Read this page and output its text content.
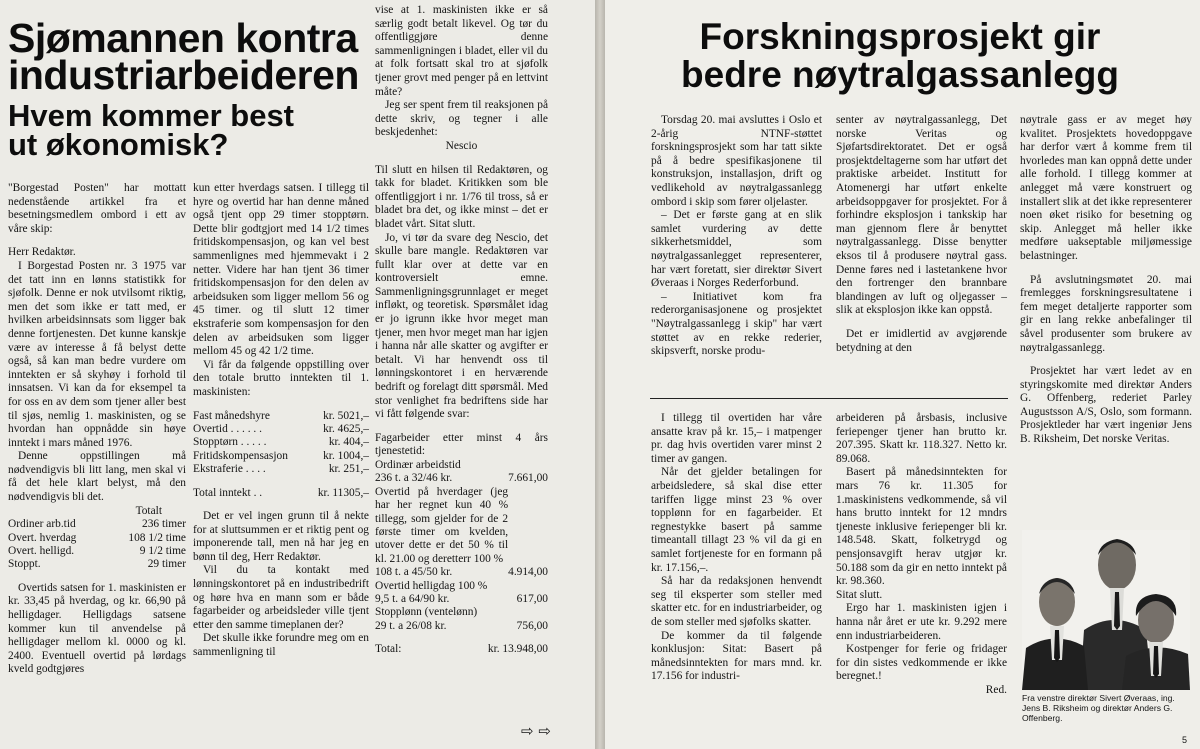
Sjømannen kontra
industriarbeideren
Hvem kommer best
ut økonomisk?

"Borgestad Posten" har mottatt nedenstående artikkel fra et besetningsmedlem ombord i ett av våre skip:

Herr Redaktør.

I Borgestad Posten nr. 3 1975 var det tatt inn en lønns statistikk for sjøfolk. Denne er nok utvilsomt riktig, men det som ikke er tatt med, er hvilken arbeidsinnsats som ligger bak denne fortjenesten. Det kunne kanskje være av interesse å få belyst dette også, så kan man bedre vurdere om inntekten er så skyhøy i forhold til innsatsen. Vi kan da for eksempel ta for oss en av dem som tjener aller best til sjøs, nemlig 1. maskinisten, og se hvordan han oppnådde sin høye inntekt i mars måned 1976.

Denne oppstillingen må nødvendigvis bli litt lang, men skal vi få det hele klart belyst, må den nødvendigvis bli det.

Totalt
Ordiner arb.tid	236 timer
Overt. hverdag	108 1/2 time
Overt. helligd.	9 1/2 time
Stoppt.	29 timer

Overtids satsen for 1. maskinisten er kr. 33,45 på hverdag, og kr. 66,90 på helligdager. Helligdags satsene kommer kun til anvendelse på helligdager mellom kl. 0000 og kl. 2400. Eventuell overtid på lørdags kveld godtgjøres

kun etter hverdags satsen. I tillegg til hyre og overtid har han denne måned også tjent opp 29 timer stopptørn. Dette blir godtgjort med 14 1/2 times fritidskompensasjon, og kan vel best sammenlignes med hjemmevakt i 2 netter. Videre har han tjent 36 timer fritidskompensasjon for den delen av arbeidsuken som ligger mellom 56 og 45 timer. og til slutt 12 timer ekstraferie som kompensasjon for den delen av arbeidsuken som ligger mellom 45 og 42 1/2 time.

Vi får da følgende oppstilling over den totale brutto inntekten til 1. maskinisten:

Fast månedshyre	kr. 5021,–
Overtid . . . . . .	kr. 4625,–
Stopptørn . . . . .	kr. 404,–
Fritidskompensasjon	kr. 1004,–
Ekstraferie . . . .	kr. 251,–
Total inntekt . .	kr. 11305,–

Det er vel ingen grunn til å nekte for at sluttsummen er et riktig pent og imponerende tall, men nå har jeg en bønn til deg, Herr Redaktør.

Vil du ta kontakt med lønningskontoret på en industribedrift og høre hva en mann som er både fagarbeider og arbeidsleder ville tjent etter den samme timeplanen der?

Det skulle ikke forundre meg om en sammenligning til

vise at 1. maskinisten ikke er så særlig godt betalt likevel. Og tør du offentliggjøre denne sammenligningen i bladet, eller vil du at folk fortsatt skal tro at sjøfolk tjener grovt med penger på en lettvint måte?

Jeg ser spent frem til reaksjonen på dette skriv, og tegner i alle beskjedenhet:

Nescio

Til slutt en hilsen til Redaktøren, og takk for bladet. Kritikken som ble offentliggjort i nr. 1/76 til tross, så er bladet bra det, og ikke minst – det er bladet vårt. Sitat slutt.

Jo, vi tør da svare deg Nescio, det skulle bare mangle. Redaktøren var fullt klar over at dette var en kontroversielt emne. Sammenligningsgrunnlaget er meget infløkt, og teoretisk. Spørsmålet idag er jo igrunn ikke hvor meget man tjener, men hvor meget man har igjen i hanna når alle skatter og avgifter er betalt. Vi har henvendt oss til lønningskontoret i en herværende bedrift og forelagt ditt spørsmål. Med stor venlighet fra bedriftens side har vi fått følgende svar:

Fagarbeider etter minst 4 års tjenestetid:

Ordinær arbeidstid	
236 t. a 32/46 kr.	7.661,00
Overtid på hverdager (jeg har her regnet kun 40 % tillegg, som gjelder for de 2 første timer om kvelden, utover dette er det 50 % til kl. 21.00 og deretterr 100 %	
108 t. a 45/50 kr.	4.914,00
Overtid helligdag 100 %	
9,5 t. a 64/90 kr.	617,00
Stopplønn (ventelønn)	
29 t. a 26/08 kr.	756,00
Total:	kr. 13.948,00
⇨ ⇨
Forskningsprosjekt gir
bedre nøytralgassanlegg

Torsdag 20. mai avsluttes i Oslo et 2-årig NTNF-støttet forskningsprosjekt som har tatt sikte på å bedre spesifikasjonene til konstruksjon, installasjon, drift og vedlikehold av nøytralgassanlegg ombord i skip som fører oljelaster.

– Det er første gang at en slik samlet vurdering av dette sikkerhetsmiddel, som nøytralgassanlegget representerer, har vært foretatt, sier direktør Sivert Øveraas i Norges Rederforbund.

– Initiativet kom fra rederorganisasjonene og prosjektet "Nøytralgassanlegg i skip" har vært støttet av en rekke rederier, skipsverft, norske produ-

senter av nøytralgassanlegg, Det norske Veritas og Sjøfartsdirektoratet. Det er også prosjektdeltagerne som har utført det praktiske arbeidet. Institutt for Atomenergi har utført enkelte arbeidsoppgaver for prosjektet. For å forhindre eksplosjon i tankskip har man gjennom flere år benyttet nøytralgassanlegg. Disse benytter eksos til å produsere nøytral gass. Denne føres ned i lastetankene hvor den fortrenger den brannbare blandingen av luft og oljegasser – slik at eksplosjon ikke kan oppstå.

Det er imidlertid av avgjørende betydning at den

nøytrale gass er av meget høy kvalitet. Prosjektets hovedoppgave har derfor vært å komme frem til hvorledes man kan oppnå dette under alle forhold. I tillegg kommer at anlegget må være konstruert og installert slik at det ikke representerer noen øket risiko for besetning og skip. Anlegget må heller ikke medføre uakseptable miljømessige belastninger.

På avslutningsmøtet 20. mai fremlegges forskningsresultatene i fem meget detaljerte rapporter som gir en lang rekke anbefalinger til såvel produsenter som brukere av nøytralgassanlegg.

Prosjektet har vært ledet av en styringskomite med direktør Anders G. Offenberg, rederiet Parley Augustsson A/S, Oslo, som formann. Prosjektleder har vært ingeniør Jens B. Riksheim, Det norske Veritas.

I tillegg til overtiden har våre ansatte krav på kr. 15,– i matpenger pr. dag hvis overtiden varer minst 2 timer av gangen.

Når det gjelder betalingen for arbeidsledere, så skal dise etter tariffen ligge minst 23 % over topplønn for en fagarbeider. Et regnestykke basert på samme timeantall tillagt 23 % vil da gi en samlet fortjeneste for en formann på kr. 17.156,–.

Så har da redaksjonen henvendt seg til eksperter som steller med skatter etc. for en industriarbeider, og de som steller med sjøfolks skatter.

De kommer da til følgende konklusjon: Sitat: Basert på månedsinntekten for mars mnd. kr. 17.156 for industri-

arbeideren på årsbasis, inclusive feriepenger tjener han brutto kr. 207.395. Skatt kr. 118.327. Netto kr. 89.068.

Basert på månedsinntekten for mars 76 kr. 11.305 for 1.maskinistens vedkommende, så vil hans brutto inntekt for 12 mndrs tjeneste inklusive feriepenger bli kr. 148.548. Skatt, folketrygd og pensjonsavgift herav utgjør kr. 50.188 som da gir en netto inntekt på kr. 98.360.

Sitat slutt.

Ergo har 1. maskinisten igjen i hanna når året er ute kr. 9.292 mere enn industriarbeideren.

Kostpenger for ferie og fridager for din sistes vedkommende er ikke beregnet.!

Red.

Fra venstre direktør Sivert Øveraas, ing. Jens B. Riksheim og direktør Anders G. Offenberg.
5
